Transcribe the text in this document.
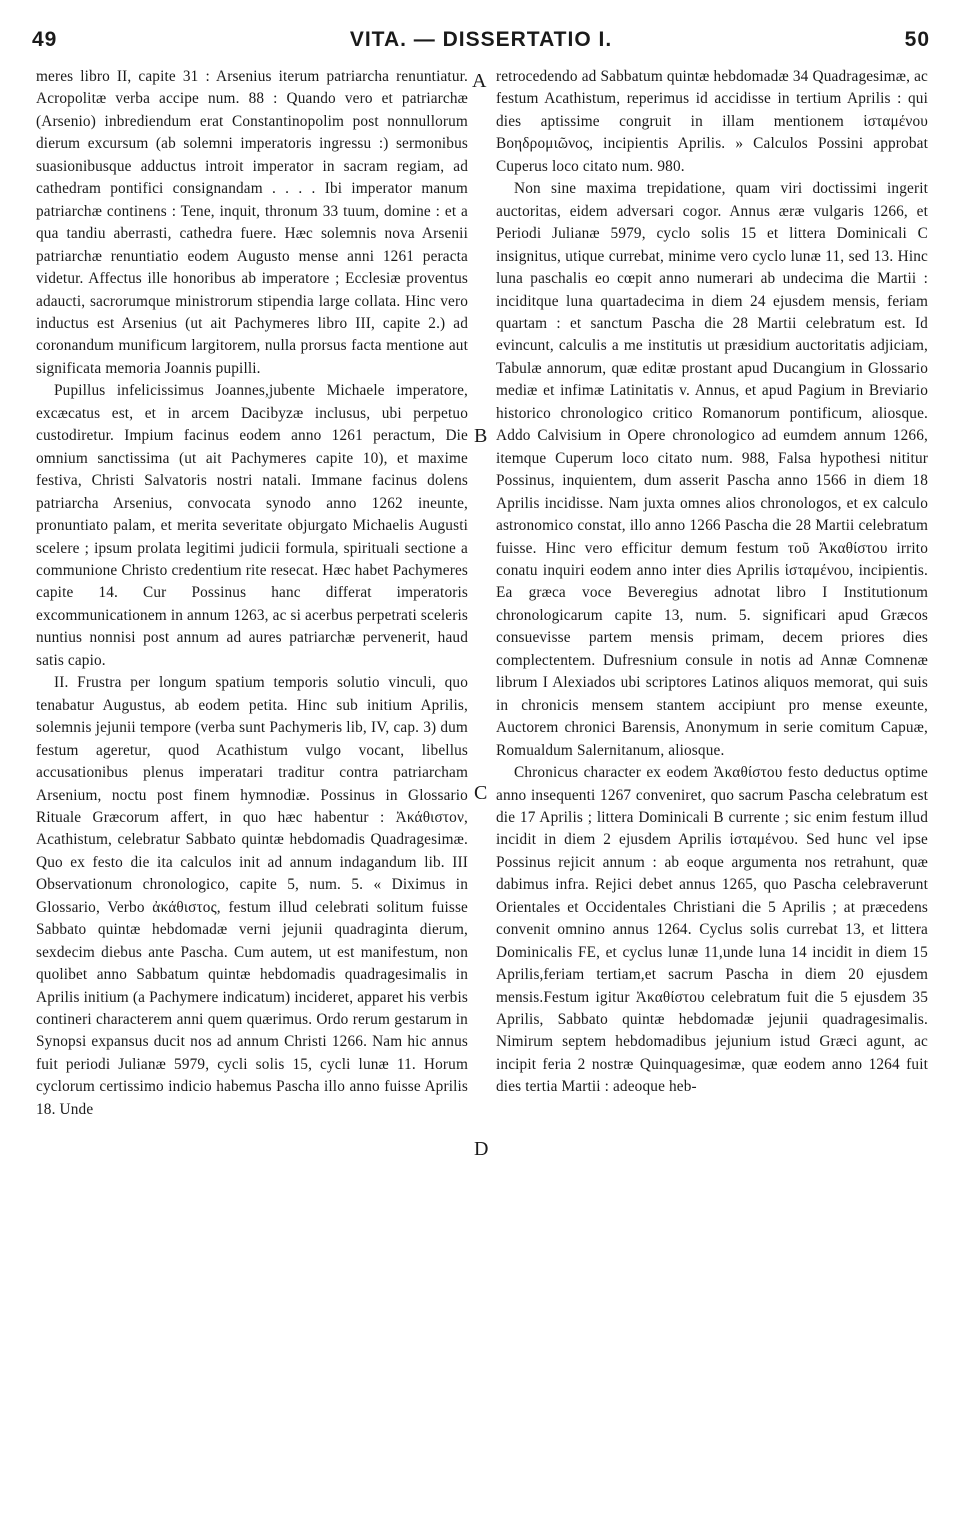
49	VITA. — DISSERTATIO I.	50

meres libro II, capite 31 : Arsenius iterum patriarcha renuntiatur. Acropolitæ verba accipe num. 88 : Quando vero et patriarchæ (Arsenio) inbrediendum erat Constantinopolim post nonnullorum dierum excursum (ab solemni imperatoris ingressu :) sermonibus suasionibusque adductus introit imperator in sacram regiam, ad cathedram pontifici consignandam . . . . Ibi imperator manum patriarchæ continens : Tene, inquit, thronum 33 tuum, domine : et a qua tandiu aberrasti, cathedra fuere. Hæc solemnis nova Arsenii patriarchæ renuntiatio eodem Augusto mense anni 1261 peracta videtur. Affectus ille honoribus ab imperatore ; Ecclesiæ proventus adaucti, sacrorumque ministrorum stipendia large collata. Hinc vero inductus est Arsenius (ut ait Pachymeres libro III, capite 2.) ad coronandum munificum largitorem, nulla prorsus facta mentione aut significata memoria Joannis pupilli.

Pupillus infelicissimus Joannes,jubente Michaele imperatore, excæcatus est, et in arcem Dacibyzæ inclusus, ubi perpetuo custodiretur. Impium facinus eodem anno 1261 peractum, Die omnium sanctissima (ut ait Pachymeres capite 10), et maxime festiva, Christi Salvatoris nostri natali. Immane facinus dolens patriarcha Arsenius, convocata synodo anno 1262 ineunte, pronuntiato palam, et merita severitate objurgato Michaelis Augusti scelere ; ipsum prolata legitimi judicii formula, spirituali sectione a communione Christo credentium rite resecat. Hæc habet Pachymeres capite 14. Cur Possinus hanc differat imperatoris excommunicationem in annum 1263, ac si acerbus perpetrati sceleris nuntius nonnisi post annum ad aures patriarchæ pervenerit, haud satis capio.

II. Frustra per longum spatium temporis solutio vinculi, quo tenabatur Augustus, ab eodem petita. Hinc sub initium Aprilis, solemnis jejunii tempore (verba sunt Pachymeris lib, IV, cap. 3) dum festum ageretur, quod Acathistum vulgo vocant, libellus accusationibus plenus imperatari traditur contra patriarcham Arsenium, noctu post finem hymnodiæ. Possinus in Glossario Rituale Græcorum affert, in quo hæc habentur : Ἀκάθιστον, Acathistum, celebratur Sabbato quintæ hebdomadis Quadragesimæ. Quo ex festo die ita calculos init ad annum indagandum lib. III Observationum chronologico, capite 5, num. 5. « Diximus in Glossario, Verbo ἀκάθιστος, festum illud celebrati solitum fuisse Sabbato quintæ hebdomadæ verni jejunii quadraginta dierum, sexdecim diebus ante Pascha. Cum autem, ut est manifestum, non quolibet anno Sabbatum quintæ hebdomadis quadragesimalis in Aprilis initium (a Pachymere indicatum) incideret, apparet his verbis contineri characterem anni quem quærimus. Ordo rerum gestarum in Synopsi expansus ducit nos ad annum Christi 1266. Nam hic annus fuit periodi Julianæ 5979, cycli solis 15, cycli lunæ 11. Horum cyclorum certissimo indicio habemus Pascha illo anno fuisse Aprilis 18. Unde

retrocedendo ad Sabbatum quintæ hebdomadæ 34 Quadragesimæ, ac festum Acathistum, reperimus id accidisse in tertium Aprilis : qui dies aptissime congruit in illam mentionem ἱσταμένου Βοηδρομιῶνος, incipientis Aprilis. » Calculos Possini approbat Cuperus loco citato num. 980.

Non sine maxima trepidatione, quam viri doctissimi ingerit auctoritas, eidem adversari cogor. Annus æræ vulgaris 1266, et Periodi Julianæ 5979, cyclo solis 15 et littera Dominicali C insignitus, utique currebat, minime vero cyclo lunæ 11, sed 13. Hinc luna paschalis eo cœpit anno numerari ab undecima die Martii : inciditque luna quartadecima in diem 24 ejusdem mensis, feriam quartam : et sanctum Pascha die 28 Martii celebratum est. Id evincunt, calculis a me institutis ut præsidium auctoritatis adjiciam, Tabulæ annorum, quæ editæ prostant apud Ducangium in Glossario mediæ et infimæ Latinitatis v. Annus, et apud Pagium in Breviario historico chronologico critico Romanorum pontificum, aliosque. Addo Calvisium in Opere chronologico ad eumdem annum 1266, itemque Cuperum loco citato num. 988, Falsa hypothesi nititur Possinus, inquientem, dum asserit Pascha anno 1566 in diem 18 Aprilis incidisse. Nam juxta omnes alios chronologos, et ex calculo astronomico constat, illo anno 1266 Pascha die 28 Martii celebratum fuisse. Hinc vero efficitur demum festum τοῦ Ἀκαθίστου irrito conatu inquiri eodem anno inter dies Aprilis ἱσταμένου, incipientis. Ea græca voce Beveregius adnotat libro I Institutionum chronologicarum capite 13, num. 5. significari apud Græcos consuevisse partem mensis primam, decem priores dies complectentem. Dufresnium consule in notis ad Annæ Comnenæ librum I Alexiados ubi scriptores Latinos aliquos memorat, qui suis in chronicis mensem stantem accipiunt pro mense exeunte, Auctorem chronici Barensis, Anonymum in serie comitum Capuæ, Romualdum Salernitanum, aliosque.

Chronicus character ex eodem Ἀκαθίστου festo deductus optime anno insequenti 1267 conveniret, quo sacrum Pascha celebratum est die 17 Aprilis ; littera Dominicali B currente ; sic enim festum illud incidit in diem 2 ejusdem Aprilis ἱσταμένου. Sed hunc vel ipse Possinus rejicit annum : ab eoque argumenta nos retrahunt, quæ dabimus infra. Rejici debet annus 1265, quo Pascha celebraverunt Orientales et Occidentales Christiani die 5 Aprilis ; at præcedens convenit omnino annus 1264. Cyclus solis currebat 13, et littera Dominicalis FE, et cyclus lunæ 11,unde luna 14 incidit in diem 15 Aprilis,feriam tertiam,et sacrum Pascha in diem 20 ejusdem mensis.Festum igitur Ἀκαθίστου celebratum fuit die 5 ejusdem 35 Aprilis, Sabbato quintæ hebdomadæ jejunii quadragesimalis. Nimirum septem hebdomadibus jejunium istud Græci agunt, ac incipit feria 2 nostræ Quinquagesimæ, quæ eodem anno 1264 fuit dies tertia Martii : adeoque heb-

A
B
C
D
